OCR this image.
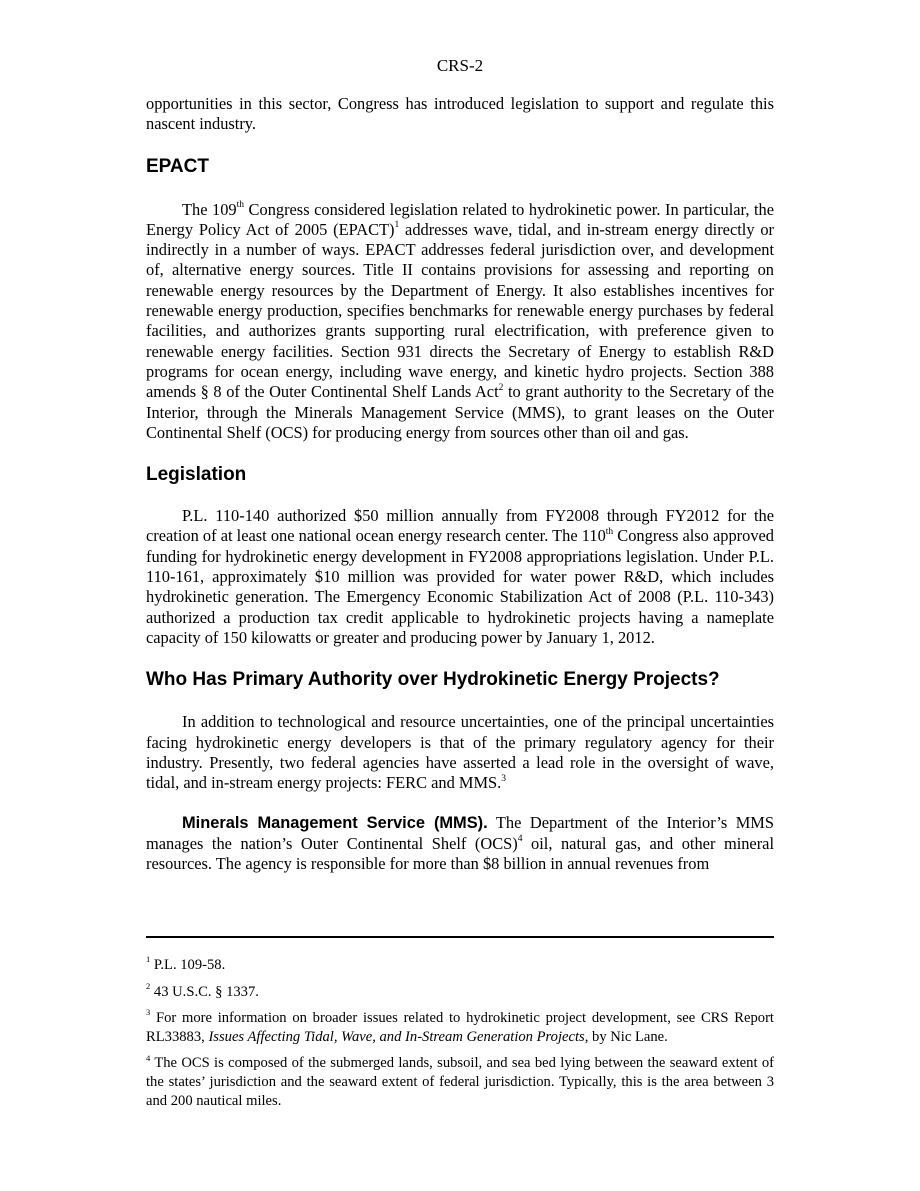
CRS-2

opportunities in this sector, Congress has introduced legislation to support and regulate this nascent industry.

EPACT

The 109th Congress considered legislation related to hydrokinetic power. In particular, the Energy Policy Act of 2005 (EPACT)$^1$ addresses wave, tidal, and in-stream energy directly or indirectly in a number of ways. EPACT addresses federal jurisdiction over, and development of, alternative energy sources. Title II contains provisions for assessing and reporting on renewable energy resources by the Department of Energy. It also establishes incentives for renewable energy production, specifies benchmarks for renewable energy purchases by federal facilities, and authorizes grants supporting rural electrification, with preference given to renewable energy facilities. Section 931 directs the Secretary of Energy to establish R&D programs for ocean energy, including wave energy, and kinetic hydro projects. Section 388 amends § 8 of the Outer Continental Shelf Lands Act$^2$ to grant authority to the Secretary of the Interior, through the Minerals Management Service (MMS), to grant leases on the Outer Continental Shelf (OCS) for producing energy from sources other than oil and gas.

Legislation

P.L. 110-140 authorized $50 million annually from FY2008 through FY2012 for the creation of at least one national ocean energy research center. The 110th Congress also approved funding for hydrokinetic energy development in FY2008 appropriations legislation. Under P.L. 110-161, approximately $10 million was provided for water power R&D, which includes hydrokinetic generation. The Emergency Economic Stabilization Act of 2008 (P.L. 110-343) authorized a production tax credit applicable to hydrokinetic projects having a nameplate capacity of 150 kilowatts or greater and producing power by January 1, 2012.

Who Has Primary Authority over Hydrokinetic Energy Projects?

In addition to technological and resource uncertainties, one of the principal uncertainties facing hydrokinetic energy developers is that of the primary regulatory agency for their industry. Presently, two federal agencies have asserted a lead role in the oversight of wave, tidal, and in-stream energy projects: FERC and MMS.$^3$

Minerals Management Service (MMS). The Department of the Interior’s MMS manages the nation’s Outer Continental Shelf (OCS)$^4$ oil, natural gas, and other mineral resources. The agency is responsible for more than $8 billion in annual revenues from

$^1$ P.L. 109-58.

$^2$ 43 U.S.C. § 1337.

$^3$ For more information on broader issues related to hydrokinetic project development, see CRS Report RL33883, Issues Affecting Tidal, Wave, and In-Stream Generation Projects, by Nic Lane.

$^4$ The OCS is composed of the submerged lands, subsoil, and sea bed lying between the seaward extent of the states’ jurisdiction and the seaward extent of federal jurisdiction. Typically, this is the area between 3 and 200 nautical miles.
